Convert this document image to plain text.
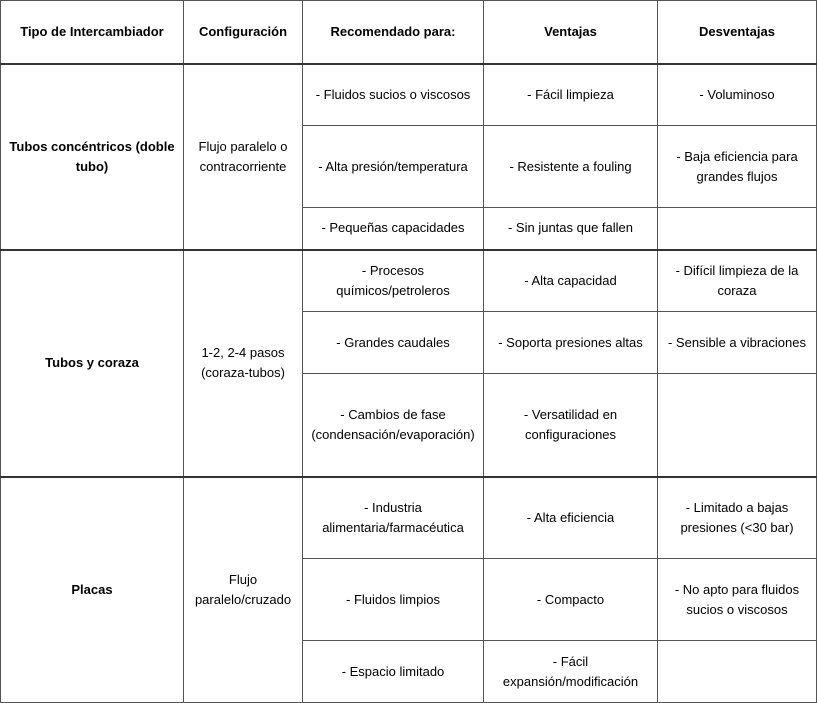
Tipo de Intercambiador	Configuración	Recomendado para:	Ventajas	Desventajas
Tubos concéntricos (doble tubo)	Flujo paralelo o contracorriente	- Fluidos sucios o viscosos	- Fácil limpieza	- Voluminoso
		- Alta presión/temperatura	- Resistente a fouling	- Baja eficiencia para grandes flujos
		- Pequeñas capacidades	- Sin juntas que fallen	
Tubos y coraza	1-2, 2-4 pasos (coraza-tubos)	- Procesos químicos/petroleros	- Alta capacidad	- Difícil limpieza de la coraza
		- Grandes caudales	- Soporta presiones altas	- Sensible a vibraciones
		- Cambios de fase (condensación/evaporación)	- Versatilidad en configuraciones	
Placas	Flujo paralelo/cruzado	- Industria alimentaria/farmacéutica	- Alta eficiencia	- Limitado a bajas presiones (<30 bar)
		- Fluidos limpios	- Compacto	- No apto para fluidos sucios o viscosos
		- Espacio limitado	- Fácil expansión/modificación	
